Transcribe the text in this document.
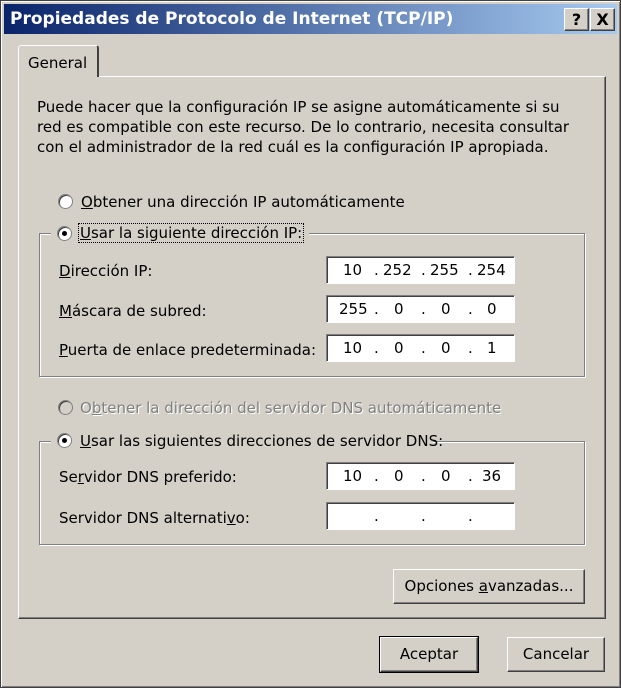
Propiedades de Protocolo de Internet (TCP/IP)	? X
General
Puede hacer que la configuración IP se asigne automáticamente si su
red es compatible con este recurso. De lo contrario, necesita consultar
con el administrador de la red cuál es la configuración IP apropiada.
Obtener una dirección IP automáticamente
Usar la siguiente dirección IP:
Dirección IP:	10 . 252 . 255 . 254
Máscara de subred:	255 . 0 . 0 . 0
Puerta de enlace predeterminada: 10 . 0 . 0 . 1
Obtener la dirección del servidor DNS automáticamente
Usar las siguientes direcciones de servidor DNS:
Servidor DNS preferido:	10 . 0 . 0 . 36
Servidor DNS alternativo:	.	.	.
Opciones avanzadas...
Aceptar	Cancelar
